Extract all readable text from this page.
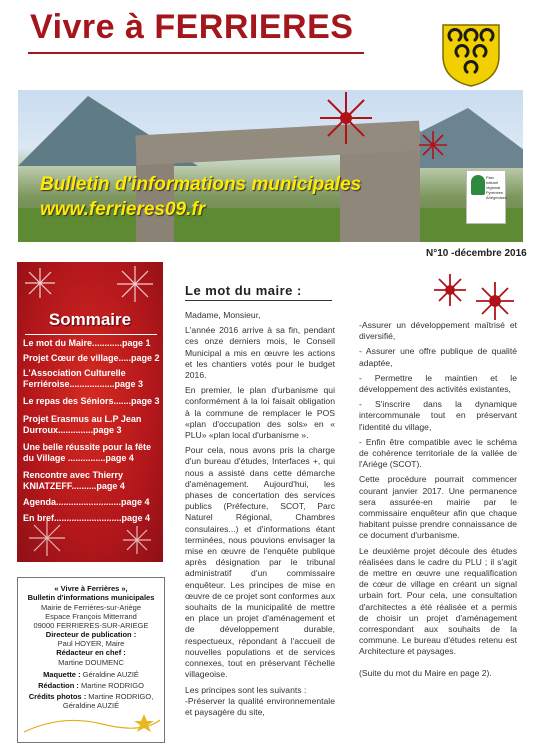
Vivre à FERRIERES
Parc naturel régional Pyrénées Ariégeoises
Bulletin d'informations municipales
www.ferrieres09.fr
N°10 -décembre 2016
Sommaire
Le mot du Maire............page 1
Projet Cœur de village.....page 2
L'Association Culturelle Ferriéroise..................page 3
Le repas des Séniors.......page 3
Projet Erasmus au L.P Jean Durroux..............page 3
Une belle réussite pour la fête du Village ...............page 4
Rencontre avec Thierry KNIATZEFF..........page 4
Agenda..........................page 4
En bref...........................page 4
« Vivre à Ferrières »,
Bulletin d'informations municipales
Mairie de Ferrières-sur-Ariège
Espace François Mitterrand
09000 FERRIERES-SUR-ARIEGE
Directeur de publication :
Paul HOYER, Maire
Rédacteur en chef :
Martine DOUMENC
Maquette : Géraldine AUZIÉ
Rédaction : Martine RODRIGO
Crédits photos : Martine RODRIGO,
Géraldine AUZIÉ
Le mot du maire :

Madame, Monsieur,

L'année 2016 arrive à sa fin, pendant ces onze derniers mois, le Conseil Municipal a mis en œuvre les actions et les chantiers votés pour le budget 2016.

En premier, le plan d'urbanisme qui conformément à la loi faisait obligation à la commune de remplacer le POS «plan d'occupation des sols» en « PLU» «plan local d'urbanisme ».

Pour cela, nous avons pris la charge d'un bureau d'études, Interfaces +, qui nous a assisté dans cette démarche d'aménagement. Aujourd'hui, les phases de concertation des services publics (Préfecture, SCOT, Parc Naturel Régional, Chambres consulaires...) et d'informations étant terminées, nous pouvions envisager la mise en œuvre de l'enquête publique après désignation par le tribunal administratif d'un commissaire enquêteur. Les principes de mise en œuvre de ce projet sont conformes aux souhaits de la municipalité de mettre en place un projet d'aménagement et de développement durable, respectueux, répondant à l'accueil de nouvelles populations et de services connexes, tout en préservant l'échelle villageoise.

Les principes sont les suivants :

-Préserver la qualité environnementale et paysagère du site,

-Assurer un développement maîtrisé et diversifié,

- Assurer une offre publique de qualité adaptée,

- Permettre le maintien et le développement des activités existantes,

- S'inscrire dans la dynamique intercommunale tout en préservant l'identité du village,

- Enfin être compatible avec le schéma de cohérence territoriale de la vallée de l'Ariège (SCOT).

Cette procédure pourrait commencer courant janvier 2017. Une permanence sera assurée-en mairie par le commissaire enquêteur afin que chaque habitant puisse prendre connaissance de ce document d'urbanisme.

Le deuxième projet découle des études réalisées dans le cadre du PLU ; il s'agit de mettre en œuvre une requalification de cœur de village en créant un signal urbain fort. Pour cela, une consultation d'architectes a été réalisée et a permis de choisir un projet d'aménagement correspondant aux souhaits de la commune. Le bureau d'études retenu est Architecture et paysages.

(Suite du mot du Maire en page 2).
